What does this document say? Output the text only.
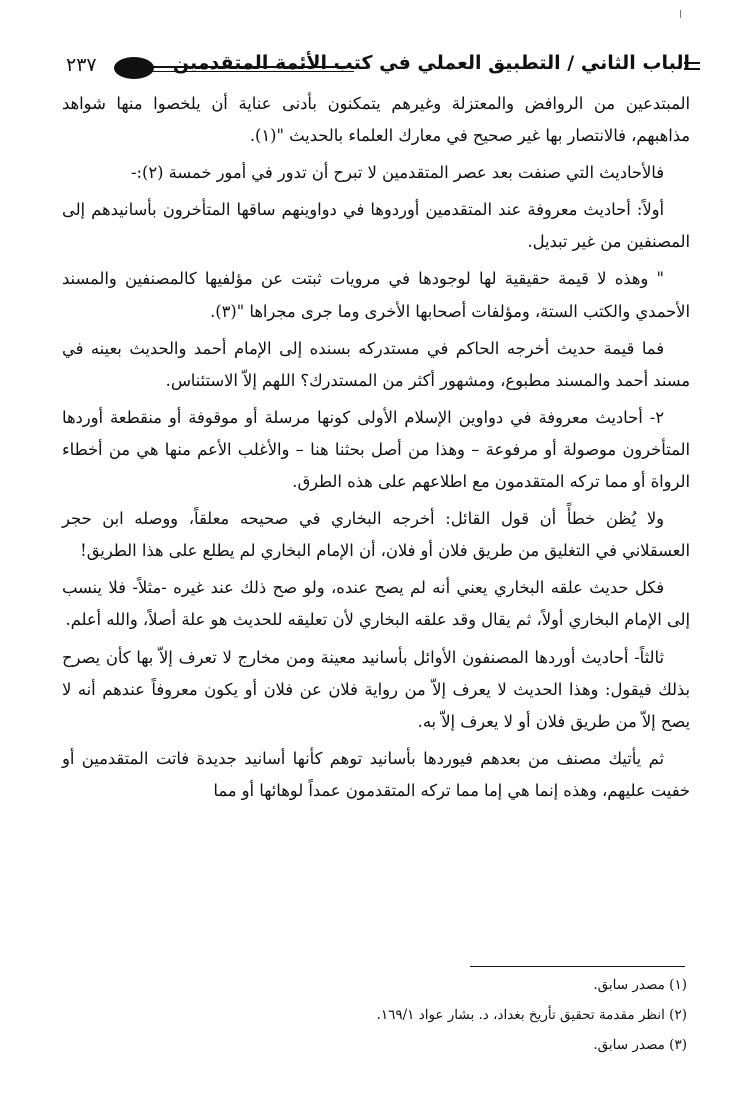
٢٣٧	الباب الثاني / التطبيق العملي في كتب الأئمة المتقدمين

المبتدعين من الروافض والمعتزلة وغيرهم يتمكنون بأدنى عناية أن يلخصوا منها شواهد مذاهبهم، فالانتصار بها غير صحيح في معارك العلماء بالحديث "(١).

فالأحاديث التي صنفت بعد عصر المتقدمين لا تبرح أن تدور في أمور خمسة (٢):-

أولاً: أحاديث معروفة عند المتقدمين أوردوها في دواوينهم ساقها المتأخرون بأسانيدهم إلى المصنفين من غير تبديل.

" وهذه لا قيمة حقيقية لها لوجودها في مرويات ثبتت عن مؤلفيها كالمصنفين والمسند الأحمدي والكتب الستة، ومؤلفات أصحابها الأخرى وما جرى مجراها "(٣).

فما قيمة حديث أخرجه الحاكم في مستدركه بسنده إلى الإمام أحمد والحديث بعينه في مسند أحمد والمسند مطبوع، ومشهور أكثر من المستدرك؟ اللهم إلاّ الاستئناس.

٢- أحاديث معروفة في دواوين الإسلام الأولى كونها مرسلة أو موقوفة أو منقطعة أوردها المتأخرون موصولة أو مرفوعة – وهذا من أصل بحثنا هنا – والأغلب الأعم منها هي من أخطاء الرواة أو مما تركه المتقدمون مع اطلاعهم على هذه الطرق.

ولا يُظن خطأً أن قول القائل: أخرجه البخاري في صحيحه معلقاً، ووصله ابن حجر العسقلاني في التغليق من طريق فلان أو فلان، أن الإمام البخاري لم يطلع على هذا الطريق!

فكل حديث علقه البخاري يعني أنه لم يصح عنده، ولو صح ذلك عند غيره -مثلاً- فلا ينسب إلى الإمام البخاري أولاً، ثم يقال وقد علقه البخاري لأن تعليقه للحديث هو علة أصلاً، والله أعلم.

ثالثاً- أحاديث أوردها المصنفون الأوائل بأسانيد معينة ومن مخارج لا تعرف إلاّ بها كأن يصرح بذلك فيقول: وهذا الحديث لا يعرف إلاّ من رواية فلان عن فلان أو يكون معروفاً عندهم أنه لا يصح إلاّ من طريق فلان أو لا يعرف إلاّ به.

ثم يأتيك مصنف من بعدهم فيوردها بأسانيد توهم كأنها أسانيد جديدة فاتت المتقدمين أو خفيت عليهم، وهذه إنما هي إما مما تركه المتقدمون عمداً لوهائها أو مما

(١) مصدر سابق.
(٢) انظر مقدمة تحقيق تأريخ بغداد، د. بشار عواد ١٦٩/١.
(٣) مصدر سابق.
